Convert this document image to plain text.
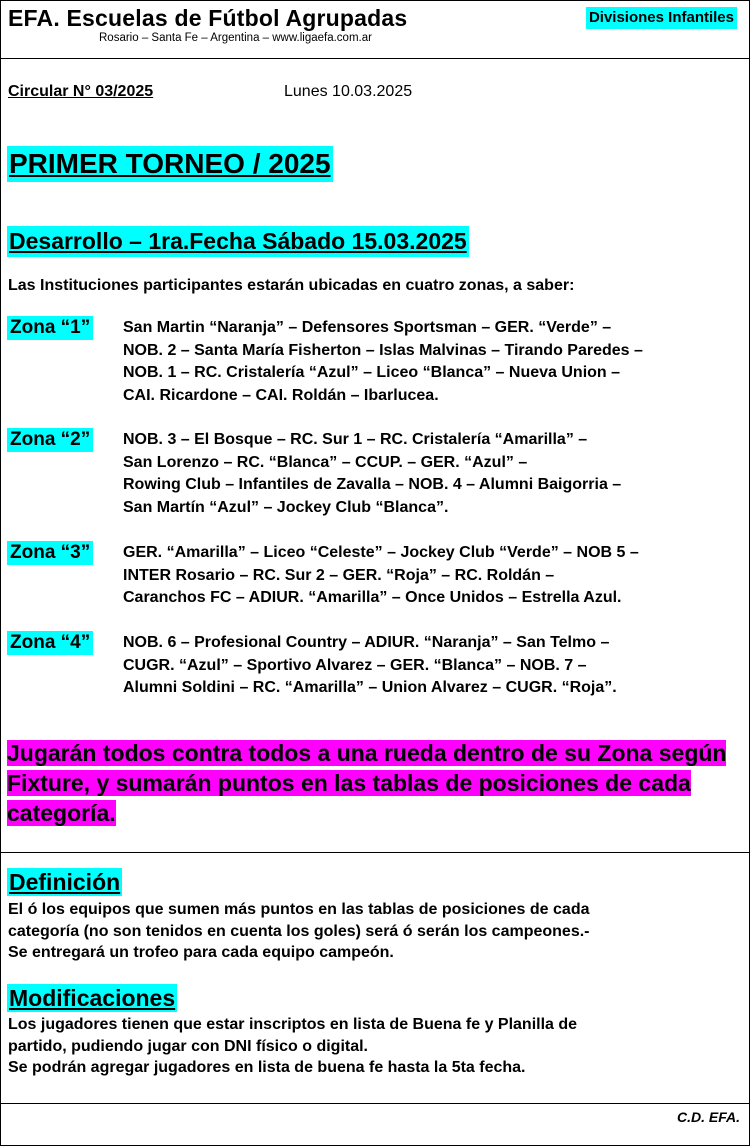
EFA. Escuelas de Fútbol Agrupadas
Rosario – Santa Fe – Argentina – www.ligaefa.com.ar
Divisiones Infantiles
Circular N° 03/2025	Lunes 10.03.2025
PRIMER TORNEO / 2025
Desarrollo – 1ra.Fecha Sábado 15.03.2025
Las Instituciones participantes estarán ubicadas en cuatro zonas, a saber:
Zona “1” San Martin “Naranja” – Defensores Sportsman – GER. “Verde” –
NOB. 2 – Santa María Fisherton – Islas Malvinas – Tirando Paredes –
NOB. 1 – RC. Cristalería “Azul” – Liceo “Blanca” – Nueva Union –
CAI. Ricardone – CAI. Roldán – Ibarlucea.
Zona “2” NOB. 3 – El Bosque – RC. Sur 1 – RC. Cristalería “Amarilla” –
San Lorenzo – RC. “Blanca” – CCUP. – GER. “Azul” –
Rowing Club – Infantiles de Zavalla – NOB. 4 – Alumni Baigorria –
San Martín “Azul” – Jockey Club “Blanca”.
Zona “3” GER. “Amarilla” – Liceo “Celeste” – Jockey Club “Verde” – NOB 5 –
INTER Rosario – RC. Sur 2 – GER. “Roja” – RC. Roldán –
Caranchos FC – ADIUR. “Amarilla” – Once Unidos – Estrella Azul.
Zona “4” NOB. 6 – Profesional Country – ADIUR. “Naranja” – San Telmo –
CUGR. “Azul” – Sportivo Alvarez – GER. “Blanca” – NOB. 7 –
Alumni Soldini – RC. “Amarilla” – Union Alvarez – CUGR. “Roja”.
Jugarán todos contra todos a una rueda dentro de su Zona según Fixture, y sumarán puntos en las tablas de posiciones de cada categoría.
Definición
El ó los equipos que sumen más puntos en las tablas de posiciones de cada
categoría (no son tenidos en cuenta los goles) será ó serán los campeones.-
Se entregará un trofeo para cada equipo campeón.
Modificaciones
Los jugadores tienen que estar inscriptos en lista de Buena fe y Planilla de
partido, pudiendo jugar con DNI físico o digital.
Se podrán agregar jugadores en lista de buena fe hasta la 5ta fecha.
C.D. EFA.
